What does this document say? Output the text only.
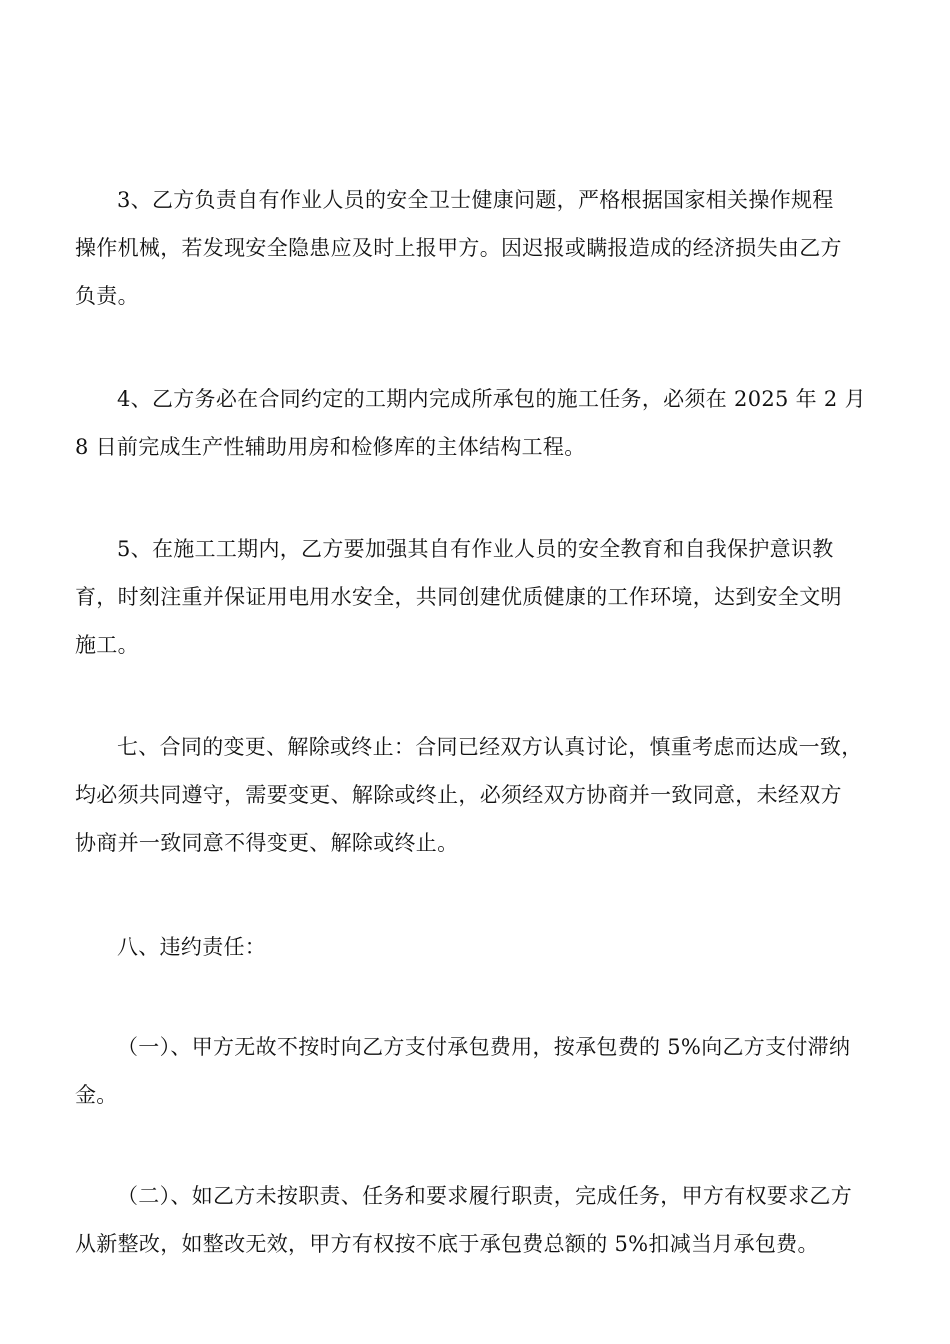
3、乙方负责自有作业人员的安全卫士健康问题，严格根据国家相关操作规程
操作机械，若发现安全隐患应及时上报甲方。因迟报或瞒报造成的经济损失由乙方
负责。
4、乙方务必在合同约定的工期内完成所承包的施工任务，必须在 2025 年 2 月
8 日前完成生产性辅助用房和检修库的主体结构工程。
5、在施工工期内，乙方要加强其自有作业人员的安全教育和自我保护意识教
育，时刻注重并保证用电用水安全，共同创建优质健康的工作环境，达到安全文明
施工。
七、合同的变更、解除或终止：合同已经双方认真讨论，慎重考虑而达成一致，
均必须共同遵守，需要变更、解除或终止，必须经双方协商并一致同意，未经双方
协商并一致同意不得变更、解除或终止。
八、违约责任：
（一）、甲方无故不按时向乙方支付承包费用，按承包费的 5%向乙方支付滞纳
金。
（二）、如乙方未按职责、任务和要求履行职责，完成任务，甲方有权要求乙方
从新整改，如整改无效，甲方有权按不底于承包费总额的 5%扣减当月承包费。
